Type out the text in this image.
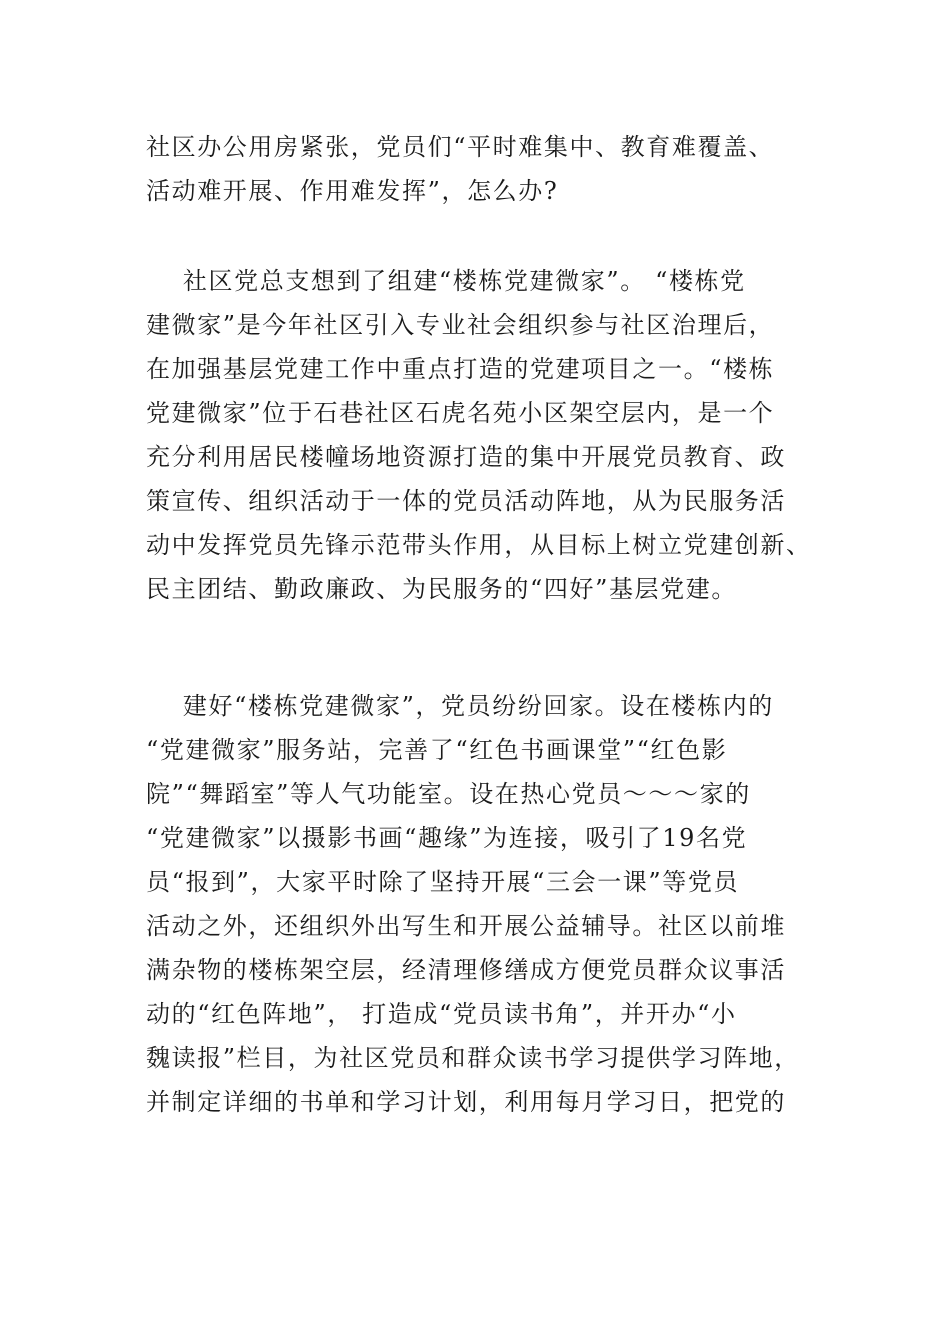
社区办公用房紧张，党员们“平时难集中、教育难覆盖、
活动难开展、作用难发挥”，怎么办?
社区党总支想到了组建“楼栋党建微家”。 “楼栋党
建微家”是今年社区引入专业社会组织参与社区治理后，
在加强基层党建工作中重点打造的党建项目之一。“楼栋
党建微家”位于石巷社区石虎名苑小区架空层内，是一个
充分利用居民楼幢场地资源打造的集中开展党员教育、政
策宣传、组织活动于一体的党员活动阵地，从为民服务活
动中发挥党员先锋示范带头作用，从目标上树立党建创新、
民主团结、勤政廉政、为民服务的“四好”基层党建。
建好“楼栋党建微家”，党员纷纷回家。设在楼栋内的
“党建微家”服务站，完善了“红色书画课堂”“红色影
院”“舞蹈室”等人气功能室。设在热心党员～～～家的
“党建微家”以摄影书画“趣缘”为连接，吸引了19名党
员“报到”，大家平时除了坚持开展“三会一课”等党员
活动之外，还组织外出写生和开展公益辅导。社区以前堆
满杂物的楼栋架空层，经清理修缮成方便党员群众议事活
动的“红色阵地”， 打造成“党员读书角”，并开办“小
魏读报”栏目，为社区党员和群众读书学习提供学习阵地，
并制定详细的书单和学习计划，利用每月学习日，把党的
